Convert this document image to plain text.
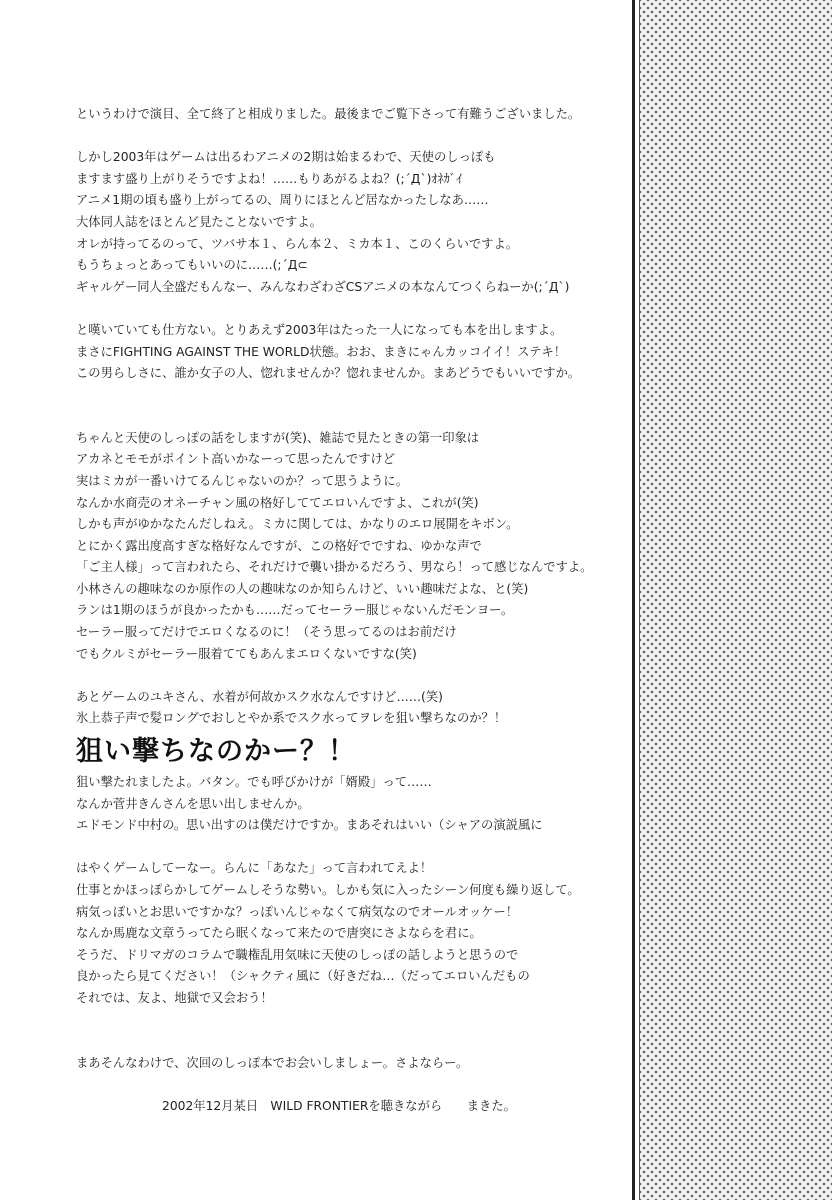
というわけで演目、全て終了と相成りました。最後までご覧下さって有難うございました。
しかし2003年はゲームは出るわアニメの2期は始まるわで、天使のしっぽも
ますます盛り上がりそうですよね！……もりあがるよね？(;´Д`)ｵﾈｶﾞｲ
アニメ1期の頃も盛り上がってるの、周りにほとんど居なかったしなあ……
大体同人誌をほとんど見たことないですよ。
オレが持ってるのって、ツバサ本１、らん本２、ミカ本１、このくらいですよ。
もうちょっとあってもいいのに……(;´Д⊂
ギャルゲー同人全盛だもんなー、みんなわざわざCSアニメの本なんてつくらねーか(;´Д`)
と嘆いていても仕方ない。とりあえず2003年はたった一人になっても本を出しますよ。
まさにFIGHTING AGAINST THE WORLD状態。おお、まきにゃんカッコイイ！ステキ！
この男らしさに、誰か女子の人、惚れませんか？惚れませんか。まあどうでもいいですか。
ちゃんと天使のしっぽの話をしますが(笑)、雑誌で見たときの第一印象は
アカネとモモがポイント高いかなーって思ったんですけど
実はミカが一番いけてるんじゃないのか？って思うように。
なんか水商売のオネーチャン風の格好しててエロいんですよ、これが(笑)
しかも声がゆかなたんだしねえ。ミカに関しては、かなりのエロ展開をキボン。
とにかく露出度高すぎな格好なんですが、この格好でですね、ゆかな声で
「ご主人様」って言われたら、それだけで襲い掛かるだろう、男なら！って感じなんですよ。
小林さんの趣味なのか原作の人の趣味なのか知らんけど、いい趣味だよな、と(笑)
ランは1期のほうが良かったかも……だってセーラー服じゃないんだモンヨー。
セーラー服ってだけでエロくなるのに！（そう思ってるのはお前だけ
でもクルミがセーラー服着ててもあんまエロくないですな(笑)
あとゲームのユキさん、水着が何故かスク水なんですけど……(笑)
氷上恭子声で髪ロングでおしとやか系でスク水ってヲレを狙い撃ちなのか？！
狙い撃ちなのかー？！
狙い撃たれましたよ。バタン。でも呼びかけが「婿殿」って……
なんか菅井きんさんを思い出しませんか。
エドモンド中村の。思い出すのは僕だけですか。まあそれはいい（シャアの演説風に
はやくゲームしてーなー。らんに「あなた」って言われてえよ！
仕事とかほっぽらかしてゲームしそうな勢い。しかも気に入ったシーン何度も繰り返して。
病気っぽいとお思いですかな？っぽいんじゃなくて病気なのでオールオッケー！
なんか馬鹿な文章うってたら眠くなって来たので唐突にさよならを君に。
そうだ、ドリマガのコラムで職権乱用気味に天使のしっぽの話しようと思うので
良かったら見てください！（シャクティ風に（好きだね…（だってエロいんだもの
それでは、友よ、地獄で又会おう！
まあそんなわけで、次回のしっぽ本でお会いしましょー。さよならー。
2002年12月某日　WILD FRONTIERを聴きながら　　まきた。
